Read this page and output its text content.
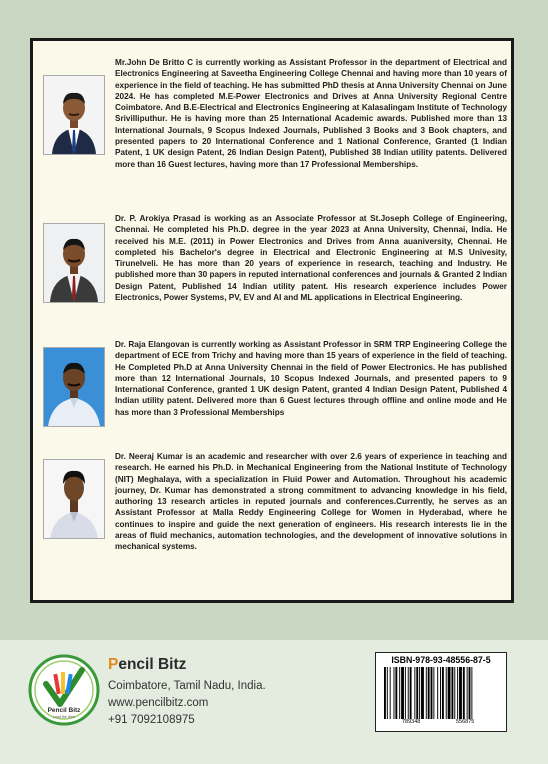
Mr.John De Britto C is currently working as Assistant Professor in the department of Electrical and Electronics Engineering at Saveetha Engineering College Chennai and having more than 10 years of experience in the field of teaching. He has submitted PhD thesis at Anna University Chennai on June 2024. He has completed M.E-Power Electronics and Drives at Anna University Regional Centre Coimbatore. And B.E-Electrical and Electronics Engineering at Kalasalingam Institute of Technology Srivilliputhur. He is having more than 25 International Academic awards. Published more than 13 International Journals, 9 Scopus Indexed Journals, Published 3 Books and 3 Book chapters, and presented papers to 20 International Conference and 1 National Conference, Granted (1 Indian Patent, 1 UK design Patent, 26 Indian Design Patent), Published 38 Indian utility patents. Delivered more than 16 Guest lectures, having more than 17 Professional Memberships.
Dr. P. Arokiya Prasad is working as an Associate Professor at St.Joseph College of Engineering, Chennai. He completed his Ph.D. degree in the year 2023 at Anna University, Chennai, India. He received his M.E. (2011) in Power Electronics and Drives from Anna auaniversity, Chennai. He completed his Bachelor's degree in Electrical and Electronic Engineering at M.S Univesity, Tirunelveli. He has more than 20 years of experience in research, teaching and Industry. He published more than 30 papers in reputed international conferences and journals & Granted 2 Indian Design Patent, Published 14 Indian utility patent. His research experience includes Power Electronics, Power Systems, PV, EV and AI and ML applications in Electrical Engineering.
Dr. Raja Elangovan is currently working as Assistant Professor in SRM TRP Engineering College the department of ECE from Trichy and having more than 15 years of experience in the field of teaching. He Completed Ph.D at Anna University Chennai in the field of Power Electronics. He has published more than 12 International Journals, 10 Scopus Indexed Journals, and presented papers to 9 International Conference, granted 1 UK design Patent, granted 4 Indian Design Patent, Published 4 Indian utility patent. Delivered more than 6 Guest lectures through offline and online mode and He has more than 3 Professional Memberships
Dr. Neeraj Kumar is an academic and researcher with over 2.6 years of experience in teaching and research. He earned his Ph.D. in Mechanical Engineering from the National Institute of Technology (NIT) Meghalaya, with a specialization in Fluid Power and Automation. Throughout his academic journey, Dr. Kumar has demonstrated a strong commitment to advancing knowledge in his field, authoring 13 research articles in reputed journals and conferences.Currently, he serves as an Assistant Professor at Malla Reddy Engineering College for Women in Hyderabad, where he continues to inspire and guide the next generation of engineers. His research interests lie in the areas of fluid mechanics, automation technologies, and the development of innovative solutions in mechanical systems.
Pencil Bitz
Lead the Web
Pencil Bitz
Coimbatore, Tamil Nadu, India.
www.pencilbitz.com
+91 7092108975
ISBN-978-93-48556-87-5
789348	556875
